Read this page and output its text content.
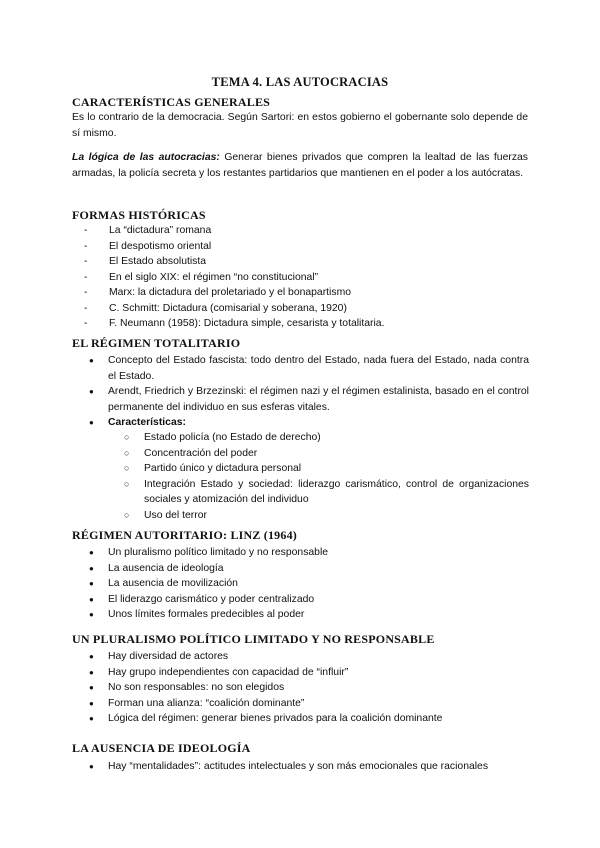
TEMA 4. LAS AUTOCRACIAS
CARACTERÍSTICAS GENERALES

Es lo contrario de la democracia. Según Sartori: en estos gobierno el gobernante solo depende de sí mismo.

La lógica de las autocracias: Generar bienes privados que compren la lealtad de las fuerzas armadas, la policía secreta y los restantes partidarios que mantienen en el poder a los autócratas.

FORMAS HISTÓRICAS
- La “dictadura” romana
- El despotismo oriental
- El Estado absolutista
- En el siglo XIX: el régimen “no constitucional”
- Marx: la dictadura del proletariado y el bonapartismo
- C. Schmitt: Dictadura (comisarial y soberana, 1920)
- F. Neumann (1958): Dictadura simple, cesarista y totalitaria.
EL RÉGIMEN TOTALITARIO
● Concepto del Estado fascista: todo dentro del Estado, nada fuera del Estado, nada contra el Estado.
● Arendt, Friedrich y Brzezinski: el régimen nazi y el régimen estalinista, basado en el control permanente del individuo en sus esferas vitales.
● Características:
○ Estado policía (no Estado de derecho)
○ Concentración del poder
○ Partido único y dictadura personal
○ Integración Estado y sociedad: liderazgo carismático, control de organizaciones sociales y atomización del individuo
○ Uso del terror
RÉGIMEN AUTORITARIO: LINZ (1964)
● Un pluralismo político limitado y no responsable
● La ausencia de ideología
● La ausencia de movilización
● El liderazgo carismático y poder centralizado
● Unos límites formales predecibles al poder
UN PLURALISMO POLÍTICO LIMITADO Y NO RESPONSABLE
● Hay diversidad de actores
● Hay grupo independientes con capacidad de “influir”
● No son responsables: no son elegidos
● Forman una alianza: “coalición dominante”
● Lógica del régimen: generar bienes privados para la coalición dominante
LA AUSENCIA DE IDEOLOGÍA
● Hay “mentalidades”: actitudes intelectuales y son más emocionales que racionales
